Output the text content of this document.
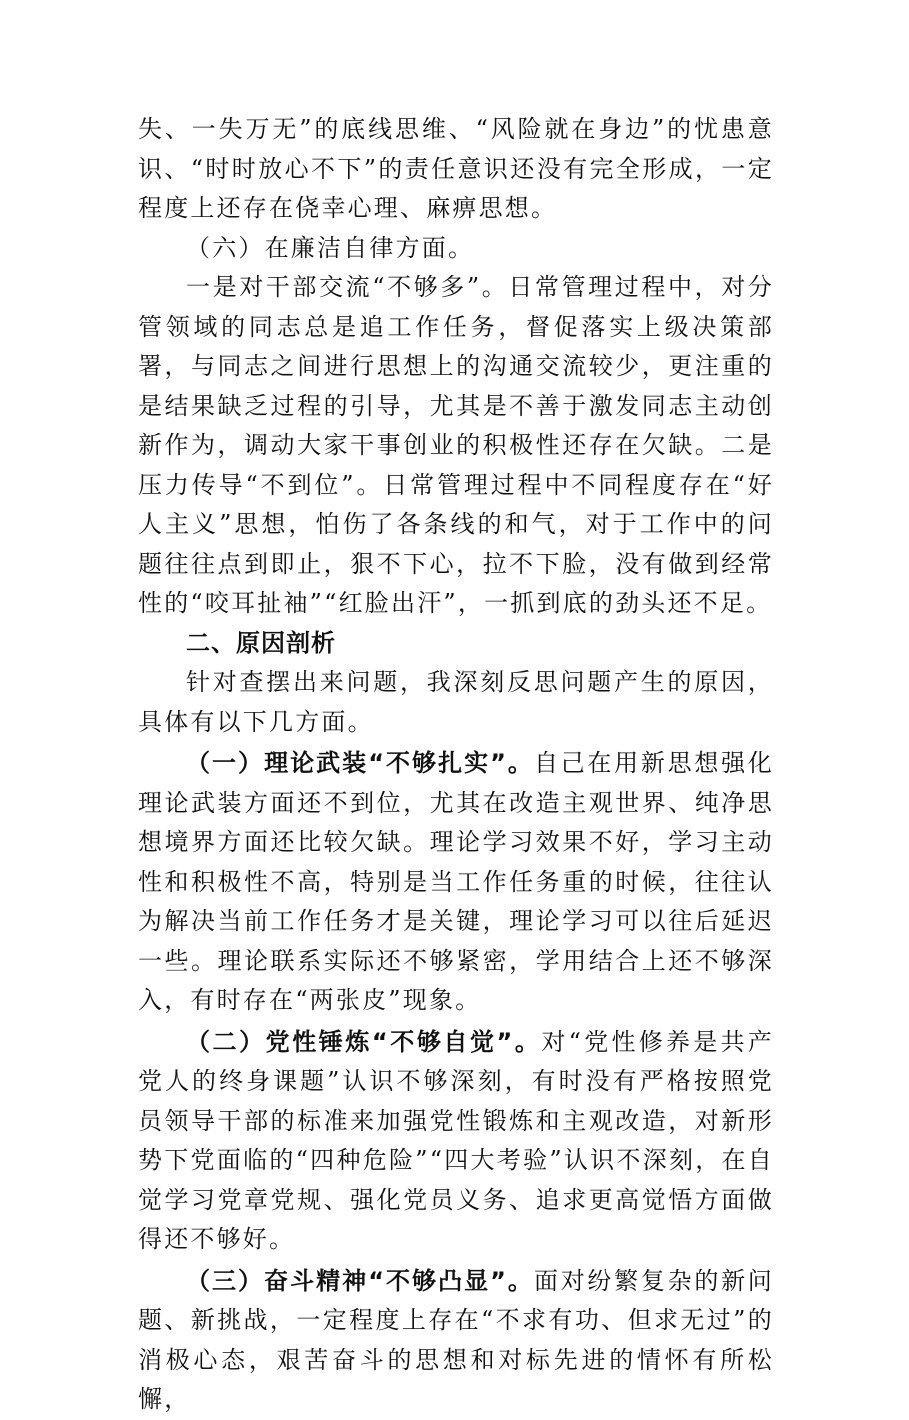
失、一失万无”的底线思维、“风险就在身边”的忧患意识、“时时放心不下”的责任意识还没有完全形成，一定程度上还存在侥幸心理、麻痹思想。

（六）在廉洁自律方面。

一是对干部交流“不够多”。日常管理过程中，对分管领域的同志总是追工作任务，督促落实上级决策部署，与同志之间进行思想上的沟通交流较少，更注重的是结果缺乏过程的引导，尤其是不善于激发同志主动创新作为，调动大家干事创业的积极性还存在欠缺。二是压力传导“不到位”。日常管理过程中不同程度存在“好人主义”思想，怕伤了各条线的和气，对于工作中的问题往往点到即止，狠不下心，拉不下脸，没有做到经常性的“咬耳扯袖”“红脸出汗”，一抓到底的劲头还不足。

二、原因剖析

针对查摆出来问题，我深刻反思问题产生的原因，具体有以下几方面。

（一）理论武装“不够扎实”。自己在用新思想强化理论武装方面还不到位，尤其在改造主观世界、纯净思想境界方面还比较欠缺。理论学习效果不好，学习主动性和积极性不高，特别是当工作任务重的时候，往往认为解决当前工作任务才是关键，理论学习可以往后延迟一些。理论联系实际还不够紧密，学用结合上还不够深入，有时存在“两张皮”现象。

（二）党性锤炼“不够自觉”。对“党性修养是共产党人的终身课题”认识不够深刻，有时没有严格按照党员领导干部的标准来加强党性锻炼和主观改造，对新形势下党面临的“四种危险”“四大考验”认识不深刻，在自觉学习党章党规、强化党员义务、追求更高觉悟方面做得还不够好。

（三）奋斗精神“不够凸显”。面对纷繁复杂的新问题、新挑战，一定程度上存在“不求有功、但求无过”的消极心态，艰苦奋斗的思想和对标先进的情怀有所松懈，
